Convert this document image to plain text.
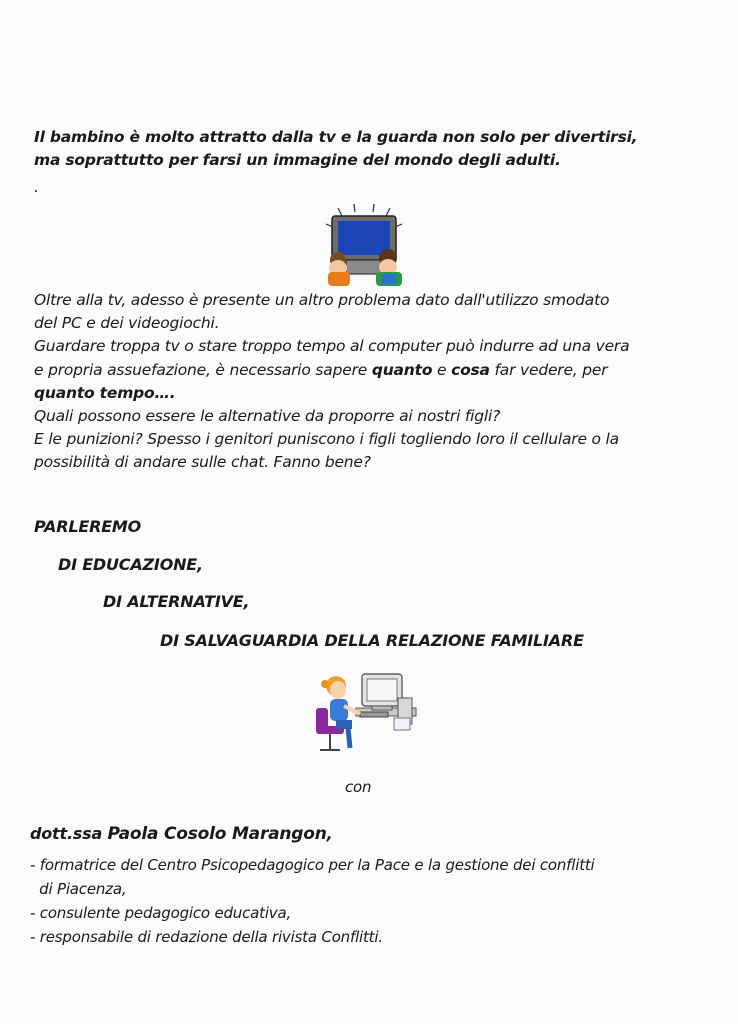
Il bambino è molto attratto dalla tv e la guarda non solo per divertirsi,

ma soprattutto per farsi un immagine del mondo degli adulti.

.
Oltre alla tv, adesso è presente un altro problema dato dall'utilizzo smodato
del PC e dei videogiochi.
Guardare troppa tv o stare troppo tempo al computer può indurre ad una vera
e propria assuefazione, è necessario sapere quanto e cosa far vedere, per
quanto tempo….
Quali possono essere le alternative da proporre ai nostri figli?
E le punizioni? Spesso i genitori puniscono i figli togliendo loro il cellulare o la
possibilità di andare sulle chat. Fanno bene?
PARLEREMO
DI EDUCAZIONE,
DI ALTERNATIVE,
DI SALVAGUARDIA DELLA RELAZIONE FAMILIARE
con
dott.ssa Paola Cosolo Marangon,
- formatrice del Centro Psicopedagogico per la Pace e la gestione dei conflitti
di Piacenza,
- consulente pedagogico educativa,
- responsabile di redazione della rivista Conflitti.
